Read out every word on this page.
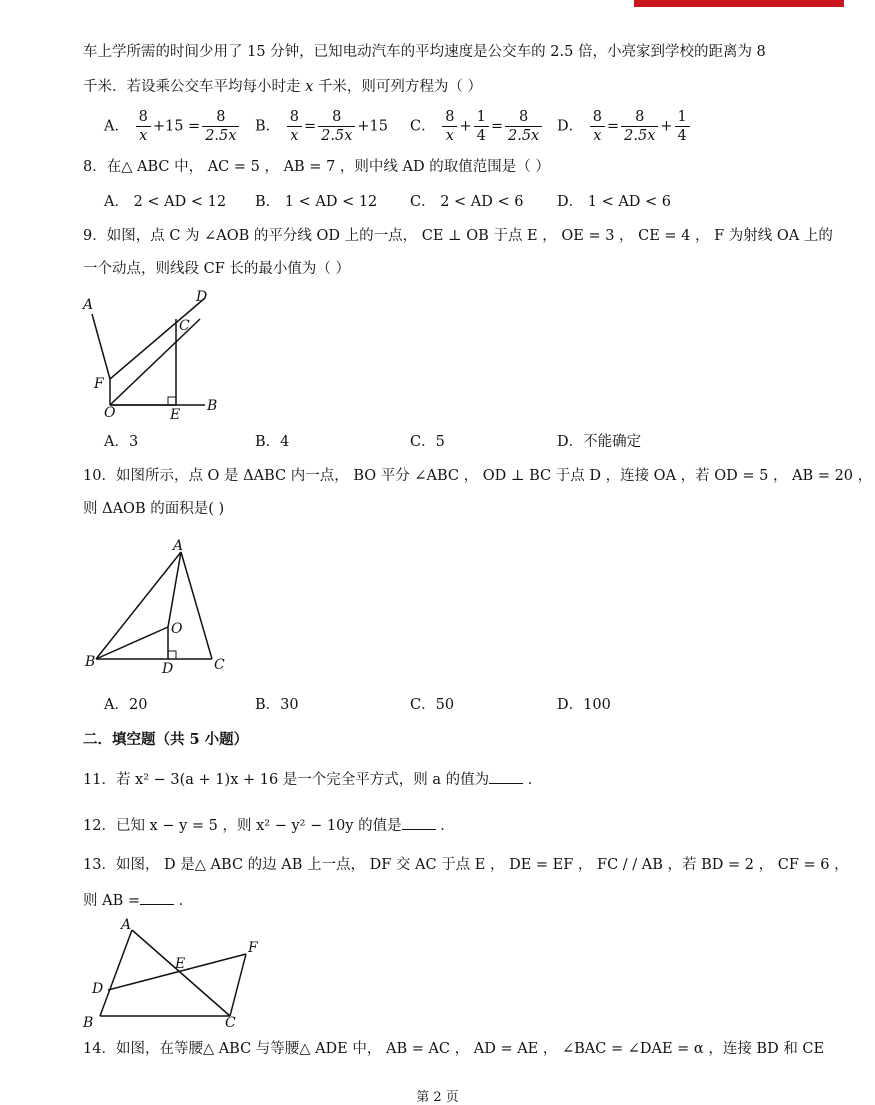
车上学所需的时间少用了 15 分钟，已知电动汽车的平均速度是公交车的 2.5 倍，小亮家到学校的距离为 8
千米．若设乘公交车平均每小时走 x 千米，则可列方程为（ ）
A． $\frac{8}{x} +15 = \frac{8}{2.5x}$ B． $\frac{8}{x} = \frac{8}{2.5x} +15$ C． $\frac{8}{x} + \frac{1}{4} = \frac{8}{2.5x}$ D． $\frac{8}{x} = \frac{8}{2.5x} + \frac{1}{4}$
8．在△ ABC 中， AC = 5 ， AB = 7 ，则中线 AD 的取值范围是（ ）
A． 2 < AD < 12 B． 1 < AD < 12 C． 2 < AD < 6 D． 1 < AD < 6
9．如图，点 C 为 ∠AOB 的平分线 OD 上的一点， CE ⊥ OB 于点 E ， OE = 3 ， CE = 4 ， F 为射线 OA 上的
一个动点，则线段 CF 长的最小值为（ ）
A	D
C
F
O	E
B
A．3	B．4	C．5	D．不能确定
10．如图所示，点 O 是 ΔABC 内一点， BO 平分 ∠ABC ， OD ⊥ BC 于点 D ，连接 OA ，若 OD = 5 ， AB = 20 ，
则 ΔAOB 的面积是( )
A
O
B	D	C
A．20	B．30	C．50	D．100
二．填空题（共 5 小题）
11．若 x² − 3(a + 1)x + 16 是一个完全平方式，则 a 的值为 ．
12．已知 x − y = 5 ，则 x² − y² − 10y 的值是 ．
13．如图， D 是△ ABC 的边 AB 上一点， DF 交 AC 于点 E ， DE = EF ， FC / / AB ，若 BD = 2 ， CF = 6 ，
则 AB = ．
A
E
F
D
B	C
14．如图，在等腰△ ABC 与等腰△ ADE 中， AB = AC ， AD = AE ， ∠BAC = ∠DAE = α ，连接 BD 和 CE
第 2 页
